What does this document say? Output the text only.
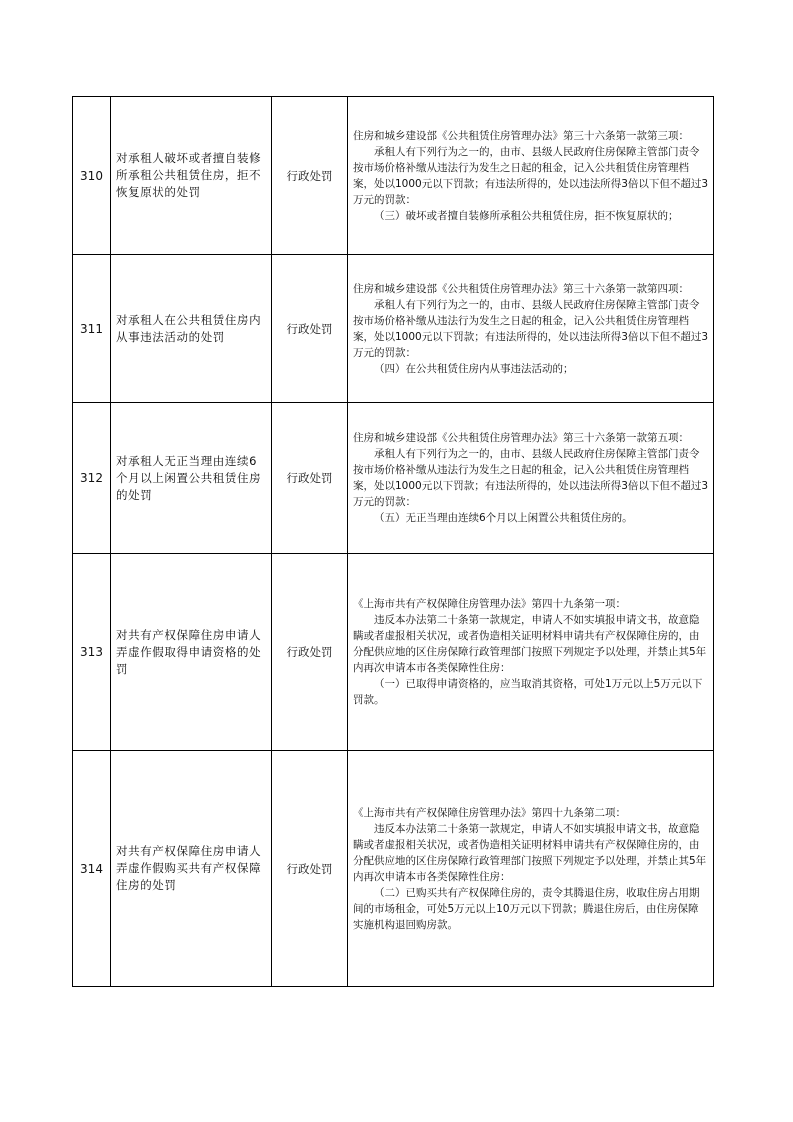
310	对承租人破坏或者擅自装修所承租公共租赁住房，拒不恢复原状的处罚	行政处罚	住房和城乡建设部《公共租赁住房管理办法》第三十六条第一款第三项：

承租人有下列行为之一的，由市、县级人民政府住房保障主管部门责令按市场价格补缴从违法行为发生之日起的租金，记入公共租赁住房管理档案，处以1000元以下罚款；有违法所得的，处以违法所得3倍以下但不超过3万元的罚款：

（三）破坏或者擅自装修所承租公共租赁住房，拒不恢复原状的；

311	对承租人在公共租赁住房内从事违法活动的处罚	行政处罚	住房和城乡建设部《公共租赁住房管理办法》第三十六条第一款第四项：

承租人有下列行为之一的，由市、县级人民政府住房保障主管部门责令按市场价格补缴从违法行为发生之日起的租金，记入公共租赁住房管理档案，处以1000元以下罚款；有违法所得的，处以违法所得3倍以下但不超过3万元的罚款：

（四）在公共租赁住房内从事违法活动的；

312	对承租人无正当理由连续6个月以上闲置公共租赁住房的处罚	行政处罚	住房和城乡建设部《公共租赁住房管理办法》第三十六条第一款第五项：

承租人有下列行为之一的，由市、县级人民政府住房保障主管部门责令按市场价格补缴从违法行为发生之日起的租金，记入公共租赁住房管理档案，处以1000元以下罚款；有违法所得的，处以违法所得3倍以下但不超过3万元的罚款：

（五）无正当理由连续6个月以上闲置公共租赁住房的。

313	对共有产权保障住房申请人弄虚作假取得申请资格的处罚	行政处罚	《上海市共有产权保障住房管理办法》第四十九条第一项：

违反本办法第二十条第一款规定，申请人不如实填报申请文书，故意隐瞒或者虚报相关状况，或者伪造相关证明材料申请共有产权保障住房的，由分配供应地的区住房保障行政管理部门按照下列规定予以处理，并禁止其5年内再次申请本市各类保障性住房：

（一）已取得申请资格的，应当取消其资格，可处1万元以上5万元以下罚款。

314	对共有产权保障住房申请人弄虚作假购买共有产权保障住房的处罚	行政处罚	《上海市共有产权保障住房管理办法》第四十九条第二项：

违反本办法第二十条第一款规定，申请人不如实填报申请文书，故意隐瞒或者虚报相关状况，或者伪造相关证明材料申请共有产权保障住房的，由分配供应地的区住房保障行政管理部门按照下列规定予以处理，并禁止其5年内再次申请本市各类保障性住房：

（二）已购买共有产权保障住房的，责令其腾退住房，收取住房占用期间的市场租金，可处5万元以上10万元以下罚款；腾退住房后，由住房保障实施机构退回购房款。
